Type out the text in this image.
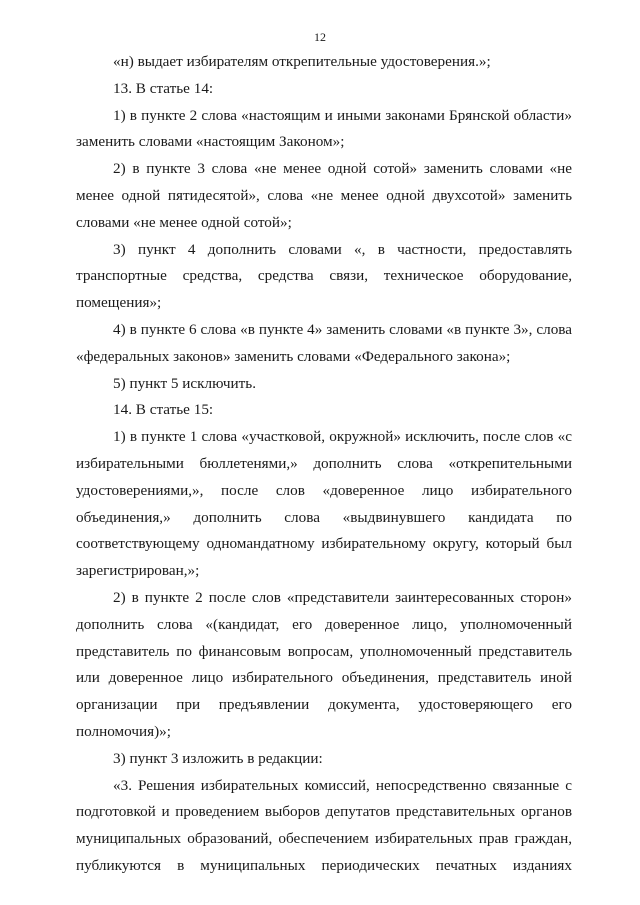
12

«н) выдает избирателям открепительные удостоверения.»;

13. В статье 14:

1) в пункте 2 слова «настоящим и иными законами Брянской области» заменить словами «настоящим Законом»;

2) в пункте 3 слова «не менее одной сотой» заменить словами «не менее одной пятидесятой», слова «не менее одной двухсотой» заменить словами «не менее одной сотой»;

3) пункт 4 дополнить словами «, в частности, предоставлять транспортные средства, средства связи, техническое оборудование, помещения»;

4) в пункте 6 слова «в пункте 4» заменить словами «в пункте 3», слова «федеральных законов» заменить словами «Федерального закона»;

5) пункт 5 исключить.

14. В статье 15:

1) в пункте 1 слова «участковой, окружной» исключить, после слов «с избирательными бюллетенями,» дополнить слова «открепительными удостоверениями,», после слов «доверенное лицо избирательного объединения,» дополнить слова «выдвинувшего кандидата по соответствующему одномандатному избирательному округу, который был зарегистрирован,»;

2) в пункте 2 после слов «представители заинтересованных сторон» дополнить слова «(кандидат, его доверенное лицо, уполномоченный представитель по финансовым вопросам, уполномоченный представитель или доверенное лицо избирательного объединения, представитель иной организации при предъявлении документа, удостоверяющего его полномочия)»;

3) пункт 3 изложить в редакции:

«3. Решения избирательных комиссий, непосредственно связанные с подготовкой и проведением выборов депутатов представительных органов муниципальных образований, обеспечением избирательных прав граждан, публикуются в муниципальных периодических печатных изданиях
